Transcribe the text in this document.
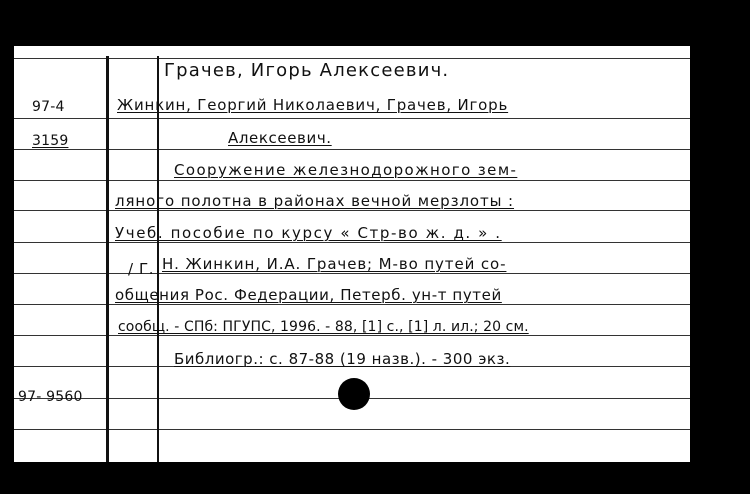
97-4
3159
97- 9560
/ Г.
Грачев, Игорь Алексеевич.
Жинкин, Георгий Николаевич, Грачев, Игорь
Алексеевич.
Сооружение железнодорожного зем-
ляного полотна в районах вечной мерзлоты :
Учеб. пособие по курсу « Стр-во ж. д. » .
Н. Жинкин, И.А. Грачев; М-во путей со-
общения Рос. Федерации, Петерб. ун-т путей
сообщ. - СПб: ПГУПС, 1996. - 88, [1] с., [1] л. ил.; 20 см.
Библиогр.: с. 87-88 (19 назв.). - 300 экз.
